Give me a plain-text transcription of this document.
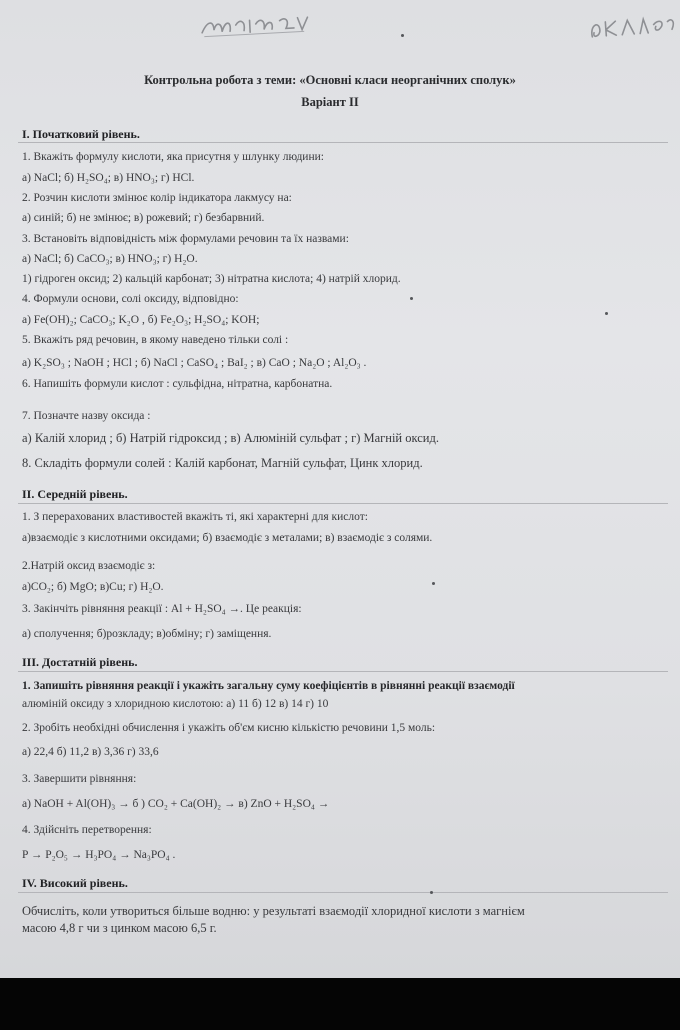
Контрольна робота з теми: «Основні класи неорганічних сполук»
Варіант II
I. Початковий рівень.
1. Вкажіть формулу кислоти, яка присутня у шлунку людини:
а) NaCl; б) H₂SO₄; в) HNO₃; г) HCl.
2. Розчин кислоти змінює колір індикатора лакмусу на:
а) синій; б) не змінює; в) рожевий; г) безбарвний.
3. Встановіть відповідність між формулами речовин та їх назвами:
а) NaCl; б) CaCO₃; в) HNO₃; г) H₂O.
1) гідроген оксид; 2) кальцій карбонат; 3) нітратна кислота; 4) натрій хлорид.
4. Формули основи, солі оксиду, відповідно:
а) Fe(OH)₂; CaCO₃; K₂O , б) Fe₂O₃; H₂SO₄; KOH;
5. Вкажіть ряд речовин, в якому наведено тільки солі :
а) K₂SO₃ ; NaOH ; HCl ; б) NaCl ; CaSO₄ ; BaI₂ ; в) CaO ; Na₂O ; Al₂O₃ .
6. Напишіть формули кислот : сульфідна, нітратна, карбонатна.
7. Позначте назву оксида :
а) Калій хлорид ; б) Натрій гідроксид ; в) Алюміній сульфат ; г) Магній оксид.
8. Складіть формули солей : Калій карбонат, Магній сульфат, Цинк хлорид.
II. Середній рівень.
1. З перерахованих властивостей вкажіть ті, які характерні для кислот:
а)взаємодіє з кислотними оксидами; б) взаємодіє з металами; в) взаємодіє з солями.
2.Натрій оксид взаємодіє з:
а)CO₂; б) MgO; в)Cu; г) H₂O.
3. Закінчіть рівняння реакції : Al + H₂SO₄ →. Це реакція:
а) сполучення; б)розкладу; в)обміну; г) заміщення.
III. Достатній рівень.
1. Запишіть рівняння реакції і укажіть загальну суму коефіцієнтів в рівнянні реакції взаємодії
алюміній оксиду з хлоридною кислотою: а) 11 б) 12 в) 14 г) 10
2. Зробіть необхідні обчислення і укажіть об'єм кисню кількістю речовини 1,5 моль:
а) 22,4 б) 11,2 в) 3,36 г) 33,6
3. Завершити рівняння:
а) NaOH + Al(OH)₃ → б ) CO₂ + Ca(OH)₂ → в) ZnO + H₂SO₄ →
4. Здійсніть перетворення:
P → P₂O₅ → H₃PO₄ → Na₃PO₄ .
IV. Високий рівень.
Обчисліть, коли утвориться більше водню: у результаті взаємодії хлоридної кислоти з магнієм
масою 4,8 г чи з цинком масою 6,5 г.
